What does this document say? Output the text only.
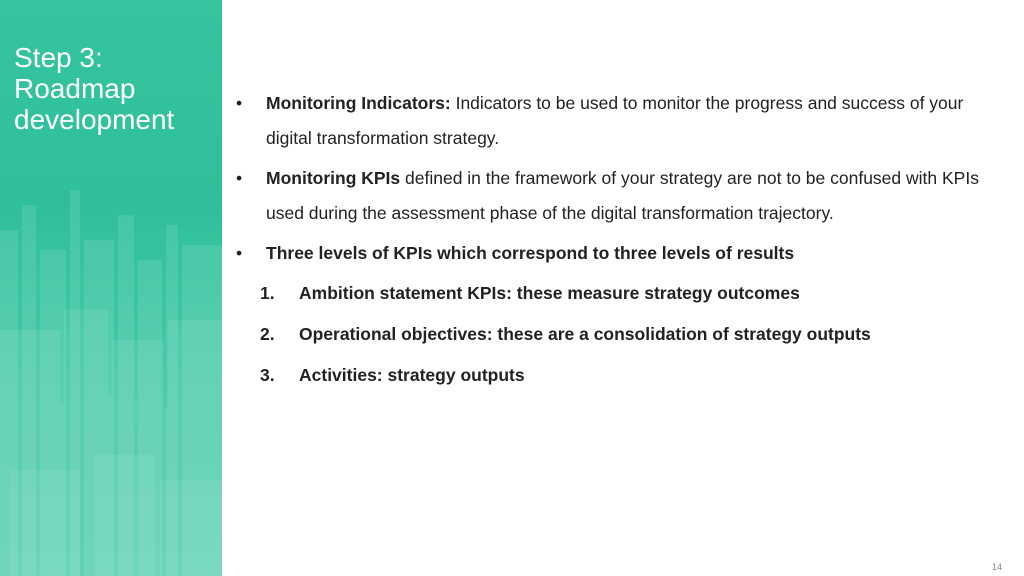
Step 3:
Roadmap
development
• Monitoring Indicators: Indicators to be used to monitor the progress and success of your digital transformation strategy.
• Monitoring KPIs defined in the framework of your strategy are not to be confused with KPIs used during the assessment phase of the digital transformation trajectory.
• Three levels of KPIs which correspond to three levels of results
1. Ambition statement KPIs: these measure strategy outcomes
2. Operational objectives: these are a consolidation of strategy outputs
3. Activities: strategy outputs
14
